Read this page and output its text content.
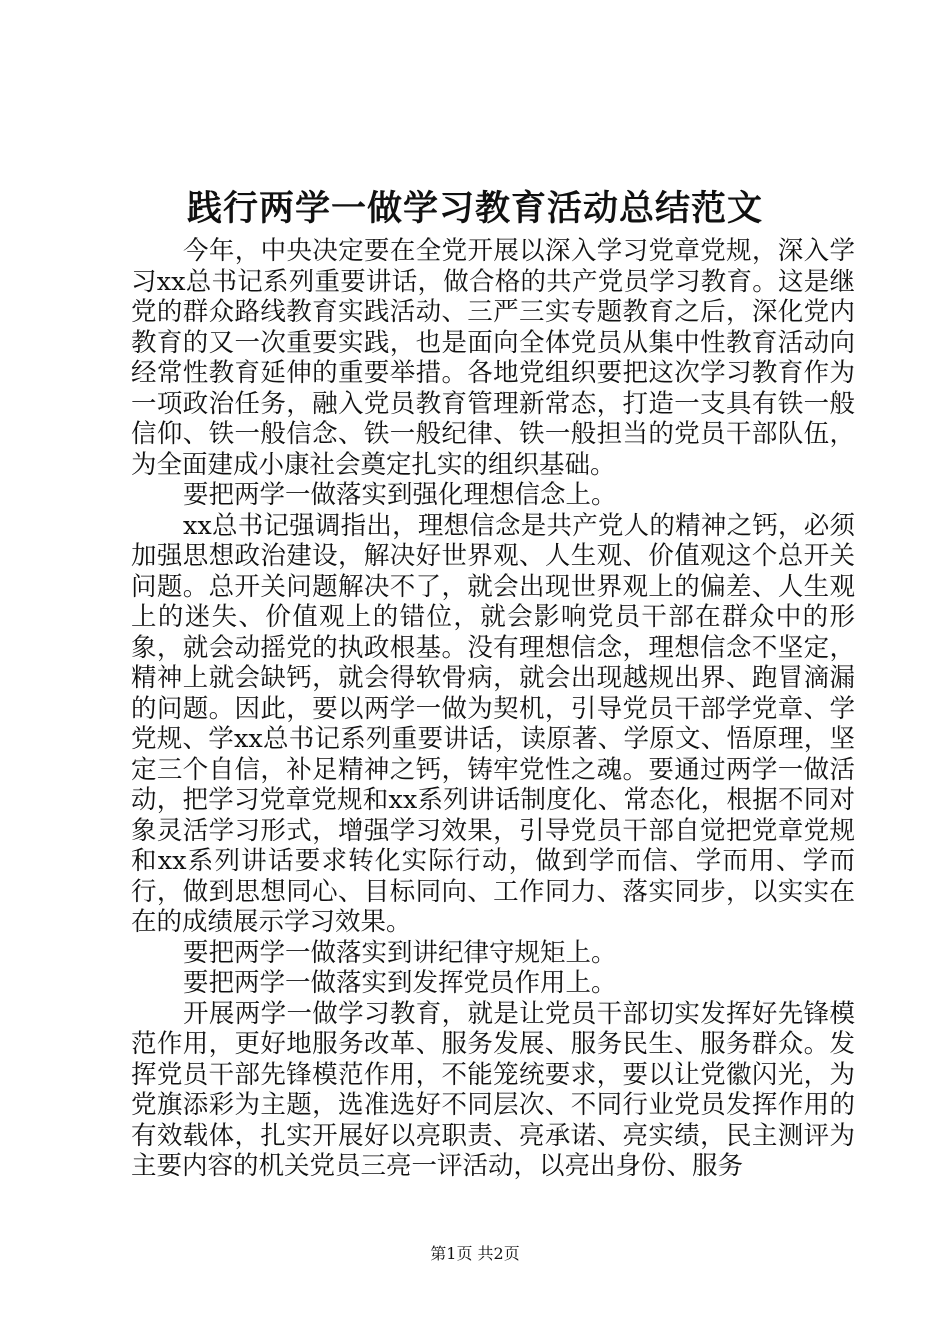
践行两学一做学习教育活动总结范文

今年，中央决定要在全党开展以深入学习党章党规，深入学习xx总书记系列重要讲话，做合格的共产党员学习教育。这是继党的群众路线教育实践活动、三严三实专题教育之后，深化党内教育的又一次重要实践，也是面向全体党员从集中性教育活动向经常性教育延伸的重要举措。各地党组织要把这次学习教育作为一项政治任务，融入党员教育管理新常态，打造一支具有铁一般信仰、铁一般信念、铁一般纪律、铁一般担当的党员干部队伍，为全面建成小康社会奠定扎实的组织基础。

要把两学一做落实到强化理想信念上。

xx总书记强调指出，理想信念是共产党人的精神之钙，必须加强思想政治建设，解决好世界观、人生观、价值观这个总开关问题。总开关问题解决不了，就会出现世界观上的偏差、人生观上的迷失、价值观上的错位，就会影响党员干部在群众中的形象，就会动摇党的执政根基。没有理想信念，理想信念不坚定，精神上就会缺钙，就会得软骨病，就会出现越规出界、跑冒滴漏的问题。因此，要以两学一做为契机，引导党员干部学党章、学党规、学xx总书记系列重要讲话，读原著、学原文、悟原理，坚定三个自信，补足精神之钙，铸牢党性之魂。要通过两学一做活动，把学习党章党规和xx系列讲话制度化、常态化，根据不同对象灵活学习形式，增强学习效果，引导党员干部自觉把党章党规和xx系列讲话要求转化实际行动，做到学而信、学而用、学而行，做到思想同心、目标同向、工作同力、落实同步，以实实在在的成绩展示学习效果。

要把两学一做落实到讲纪律守规矩上。

要把两学一做落实到发挥党员作用上。

开展两学一做学习教育，就是让党员干部切实发挥好先锋模范作用，更好地服务改革、服务发展、服务民生、服务群众。发挥党员干部先锋模范作用，不能笼统要求，要以让党徽闪光，为党旗添彩为主题，选准选好不同层次、不同行业党员发挥作用的有效载体，扎实开展好以亮职责、亮承诺、亮实绩，民主测评为主要内容的机关党员三亮一评活动，以亮出身份、服务

第1页 共2页
